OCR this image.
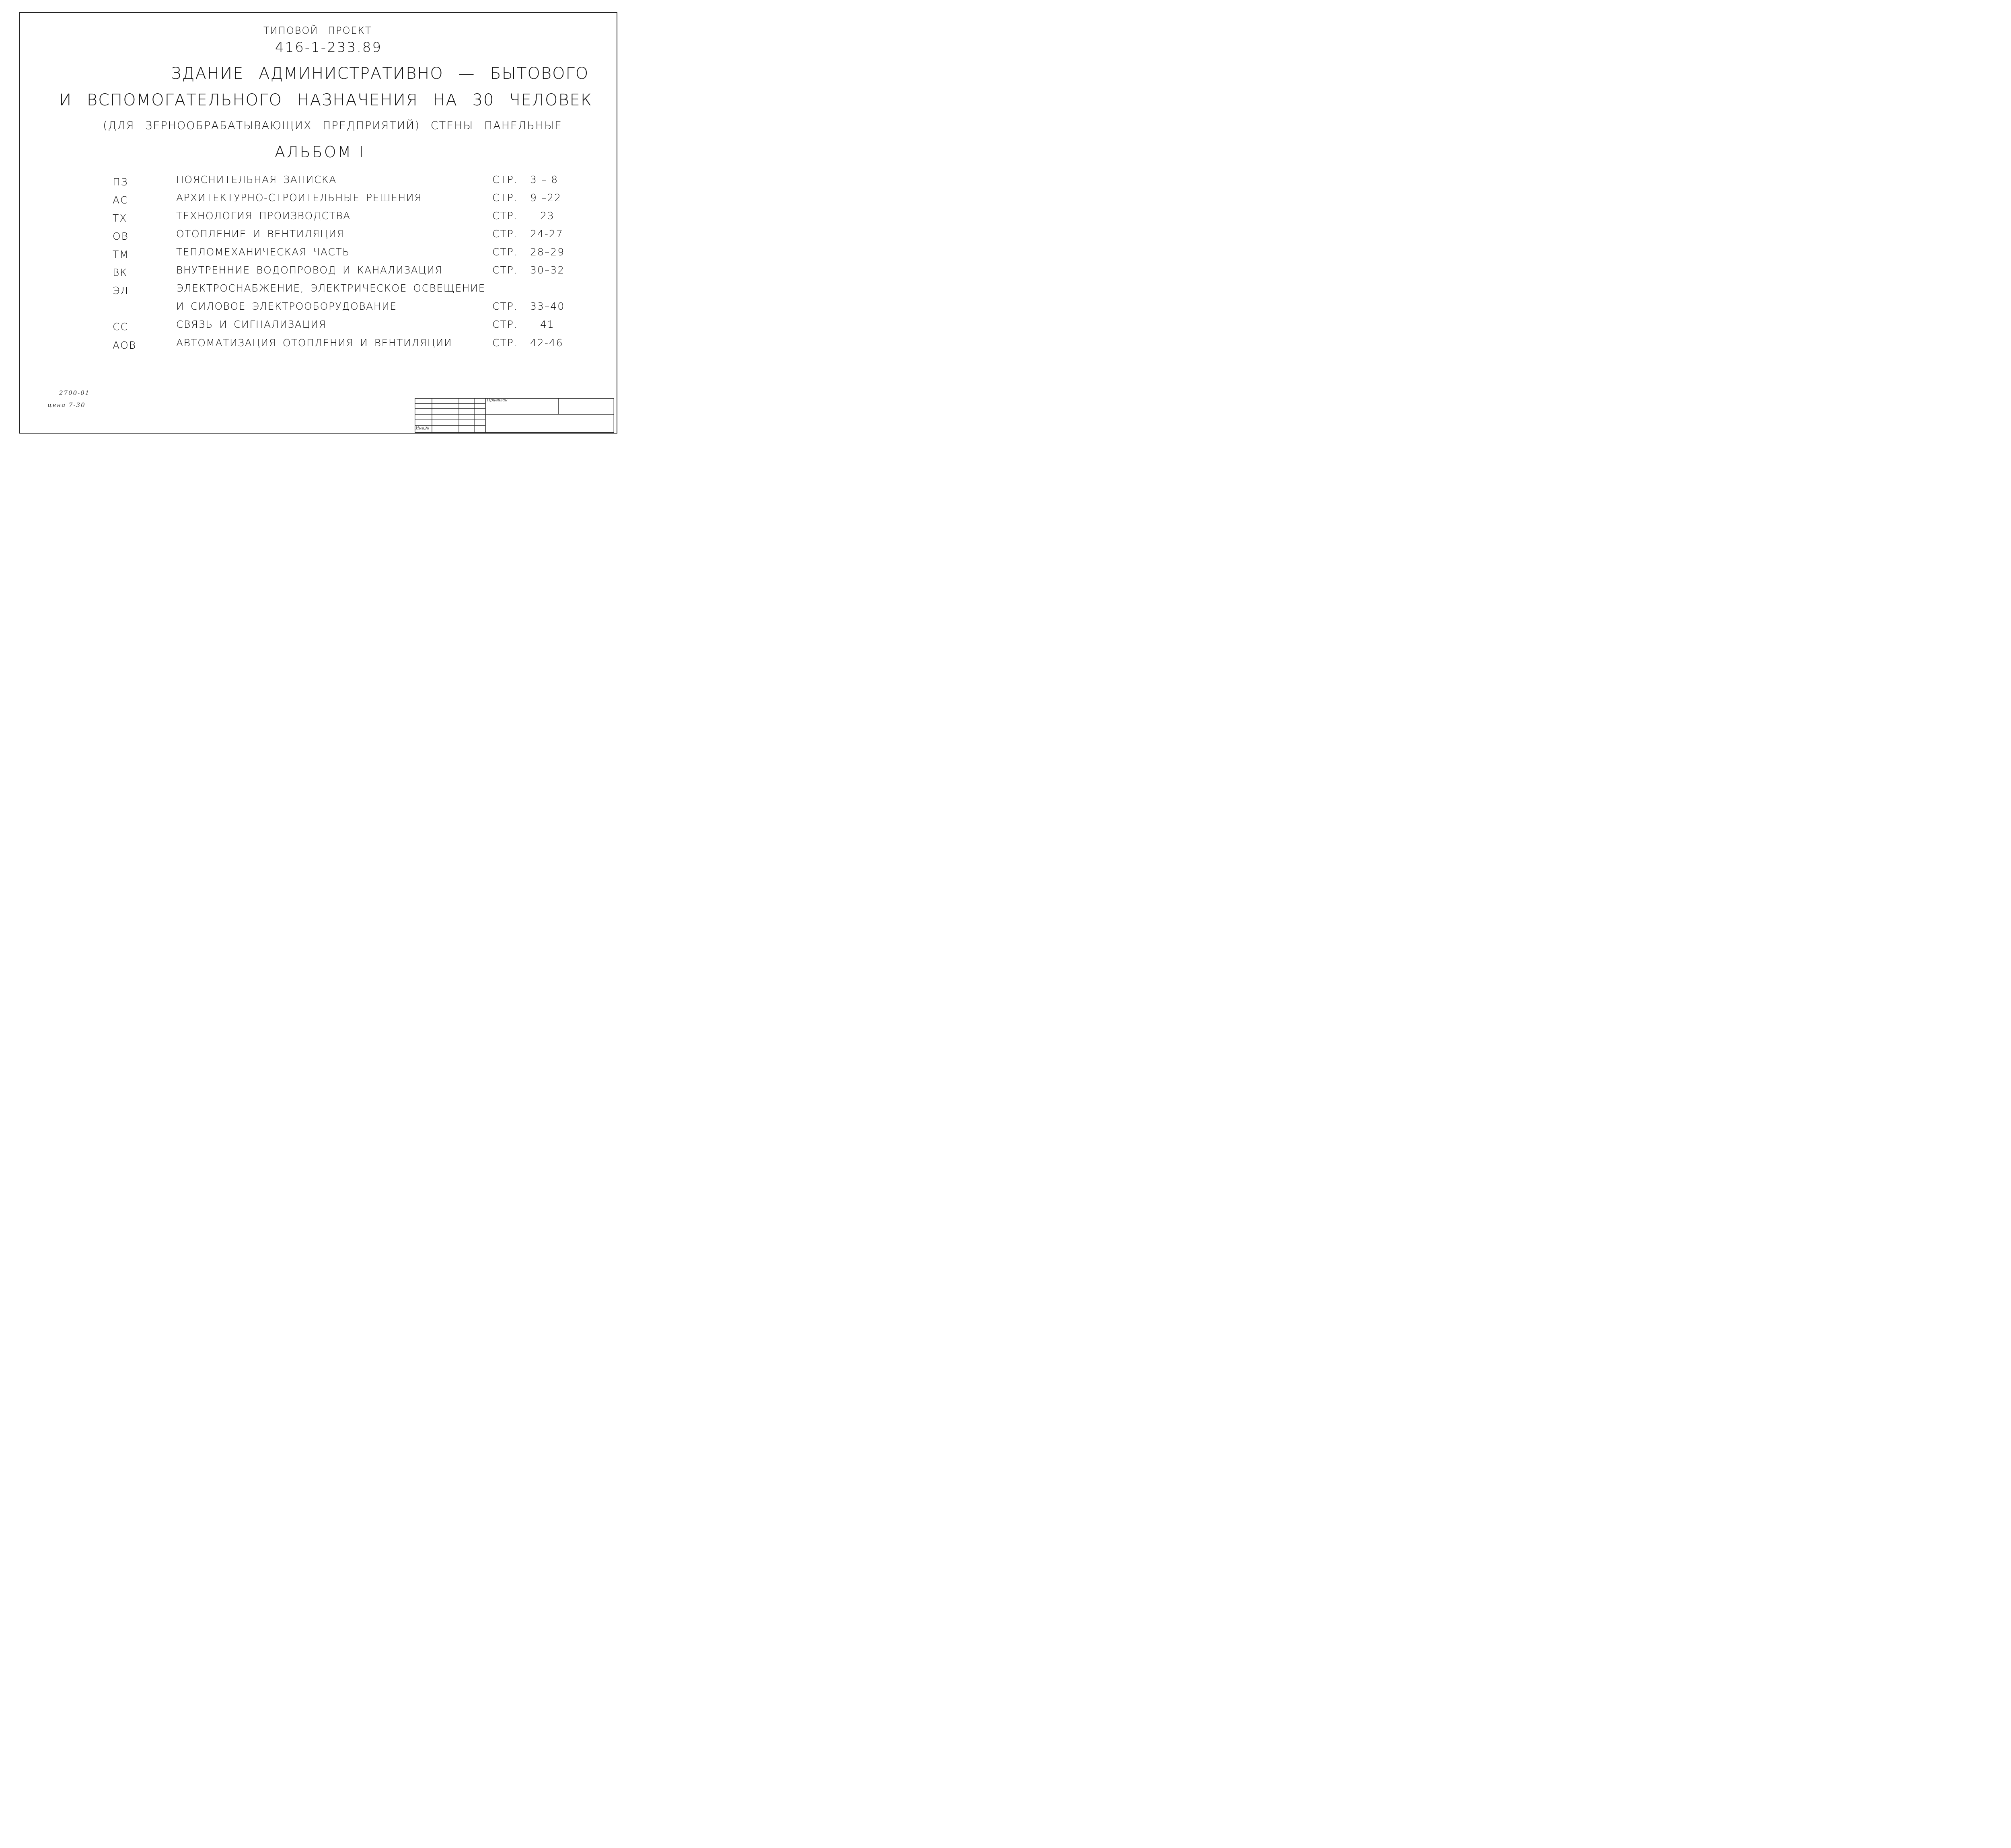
ТИПОВОЙ ПРОЕКТ
416-1-233.89
ЗДАНИЕ АДМИНИСТРАТИВНО — БЫТОВОГО
И ВСПОМОГАТЕЛЬНОГО НАЗНАЧЕНИЯ НА 30 ЧЕЛОВЕК
(ДЛЯ ЗЕРНООБРАБАТЫВАЮЩИХ ПРЕДПРИЯТИЙ) СТЕНЫ ПАНЕЛЬНЫЕ
АЛЬБОМ I
ПЗ	ПОЯСНИТЕЛЬНАЯ ЗАПИСКА	СТР. 3 – 8
АС	АРХИТЕКТУРНО-СТРОИТЕЛЬНЫЕ РЕШЕНИЯ	СТР. 9 –22
ТХ	ТЕХНОЛОГИЯ ПРОИЗВОДСТВА	СТР. 23
ОВ	ОТОПЛЕНИЕ И ВЕНТИЛЯЦИЯ	СТР. 24-27
ТМ	ТЕПЛОМЕХАНИЧЕСКАЯ ЧАСТЬ	СТР. 28–29
ВК	ВНУТРЕННИЕ ВОДОПРОВОД И КАНАЛИЗАЦИЯ	СТР. 30–32
ЭЛ	ЭЛЕКТРОСНАБЖЕНИЕ, ЭЛЕКТРИЧЕСКОЕ ОСВЕЩЕНИЕ
И СИЛОВОЕ ЭЛЕКТРООБОРУДОВАНИЕ	СТР. 33–40
СС	СВЯЗЬ И СИГНАЛИЗАЦИЯ	СТР. 41
АОВ	АВТОМАТИЗАЦИЯ ОТОПЛЕНИЯ И ВЕНТИЛЯЦИИ	СТР. 42-46
2700-01
цена 7-30
Привязан
Инв.№
